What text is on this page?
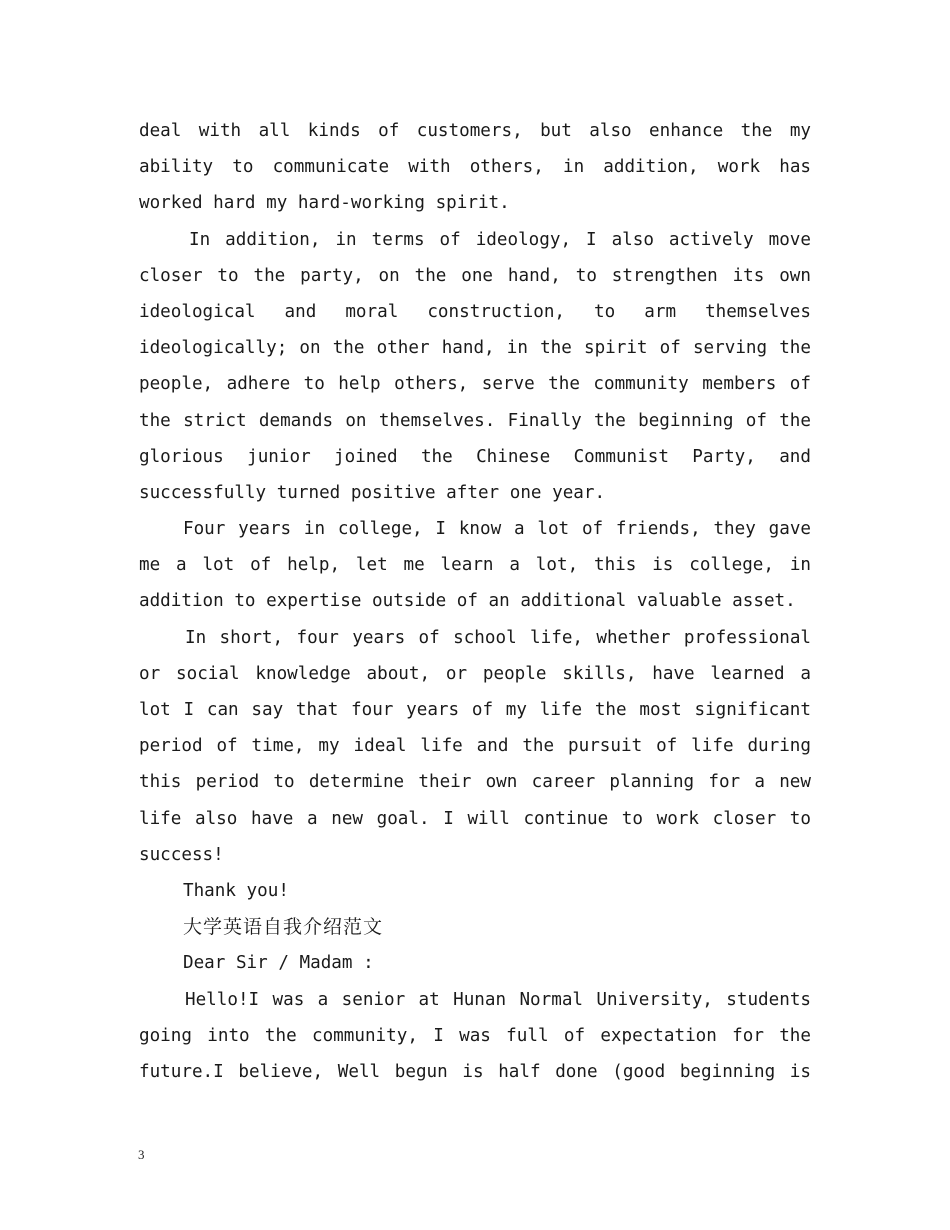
deal with all kinds of customers, but also enhance the my
ability to communicate with others, in addition, work has
worked hard my hard-working spirit.
In addition, in terms of ideology, I also actively move
closer to the party, on the one hand, to strengthen its own
ideological and moral construction, to arm themselves
ideologically; on the other hand, in the spirit of serving the
people, adhere to help others, serve the community members of
the strict demands on themselves. Finally the beginning of the
glorious junior joined the Chinese Communist Party, and
successfully turned positive after one year.
Four years in college, I know a lot of friends, they gave
me a lot of help, let me learn a lot, this is college, in
addition to expertise outside of an additional valuable asset.
In short, four years of school life, whether professional
or social knowledge about, or people skills, have learned a
lot I can say that four years of my life the most significant
period of time, my ideal life and the pursuit of life during
this period to determine their own career planning for a new
life also have a new goal. I will continue to work closer to
success!
Thank you!
大学英语自我介绍范文
Dear Sir / Madam :
Hello!I was a senior at Hunan Normal University, students
going into the community, I was full of expectation for the
future.I believe, Well begun is half done (good beginning is
3
